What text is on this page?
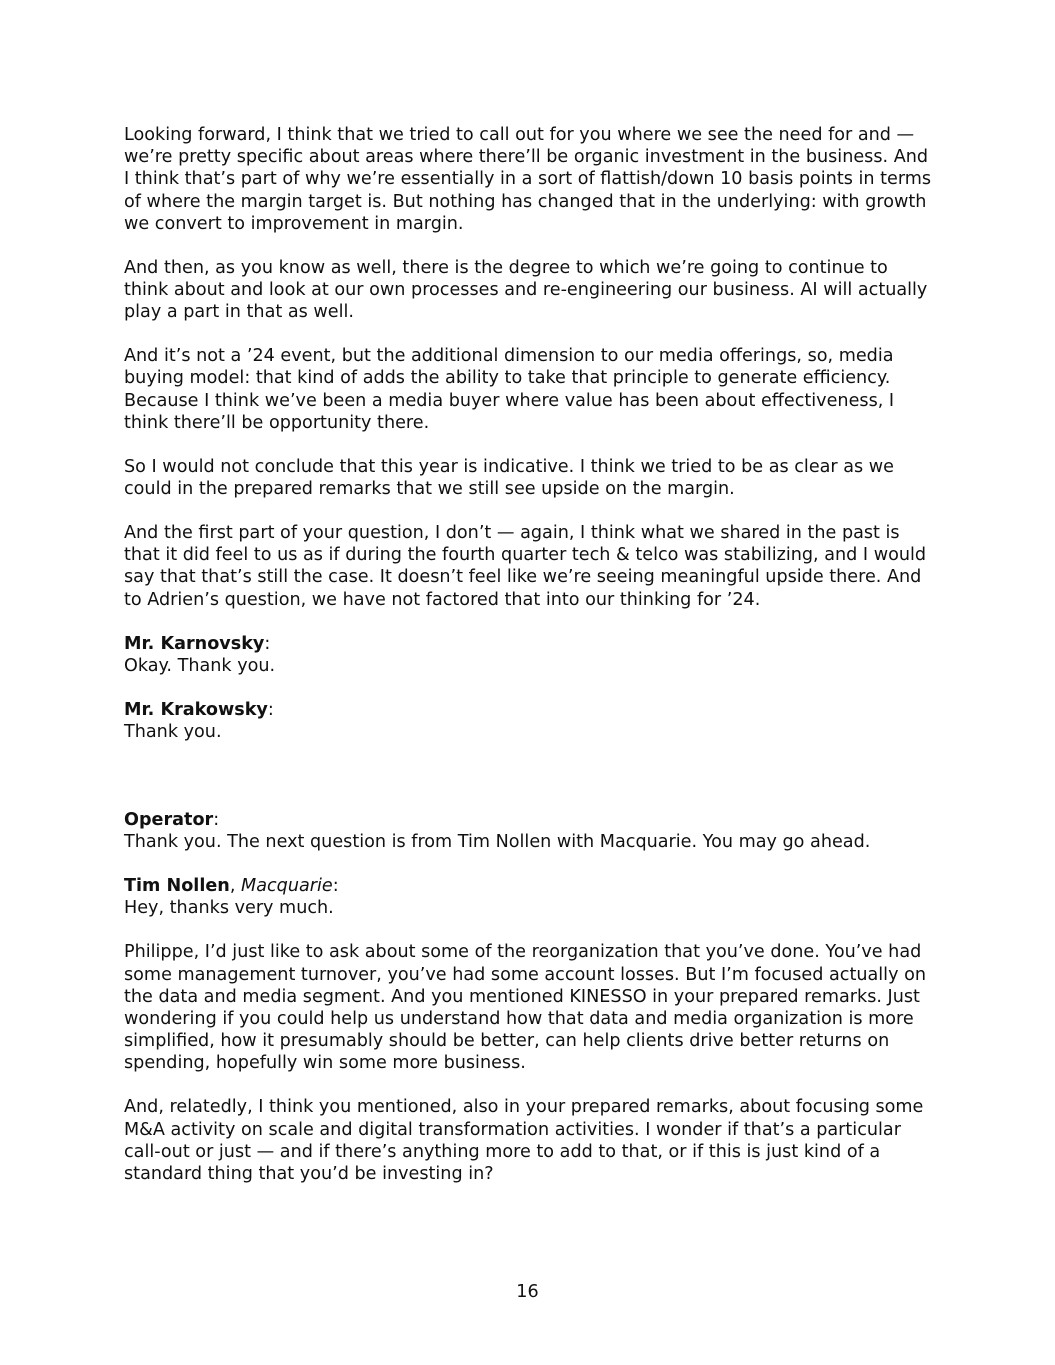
Looking forward, I think that we tried to call out for you where we see the need for and — we’re pretty specific about areas where there’ll be organic investment in the business. And I think that’s part of why we’re essentially in a sort of flattish/down 10 basis points in terms of where the margin target is. But nothing has changed that in the underlying: with growth we convert to improvement in margin.

And then, as you know as well, there is the degree to which we’re going to continue to think about and look at our own processes and re-engineering our business. AI will actually play a part in that as well.

And it’s not a ’24 event, but the additional dimension to our media offerings, so, media buying model: that kind of adds the ability to take that principle to generate efficiency. Because I think we’ve been a media buyer where value has been about effectiveness, I think there’ll be opportunity there.

So I would not conclude that this year is indicative. I think we tried to be as clear as we could in the prepared remarks that we still see upside on the margin.

And the first part of your question, I don’t — again, I think what we shared in the past is that it did feel to us as if during the fourth quarter tech & telco was stabilizing, and I would say that that’s still the case. It doesn’t feel like we’re seeing meaningful upside there. And to Adrien’s question, we have not factored that into our thinking for ’24.

Mr. Karnovsky:
Okay. Thank you.
Mr. Krakowsky:
Thank you.
Operator:
Thank you. The next question is from Tim Nollen with Macquarie. You may go ahead.
Tim Nollen, Macquarie:
Hey, thanks very much.

Philippe, I’d just like to ask about some of the reorganization that you’ve done. You’ve had some management turnover, you’ve had some account losses. But I’m focused actually on the data and media segment. And you mentioned KINESSO in your prepared remarks. Just wondering if you could help us understand how that data and media organization is more simplified, how it presumably should be better, can help clients drive better returns on spending, hopefully win some more business.

And, relatedly, I think you mentioned, also in your prepared remarks, about focusing some M&A activity on scale and digital transformation activities. I wonder if that’s a particular call-out or just — and if there’s anything more to add to that, or if this is just kind of a standard thing that you’d be investing in?

16
